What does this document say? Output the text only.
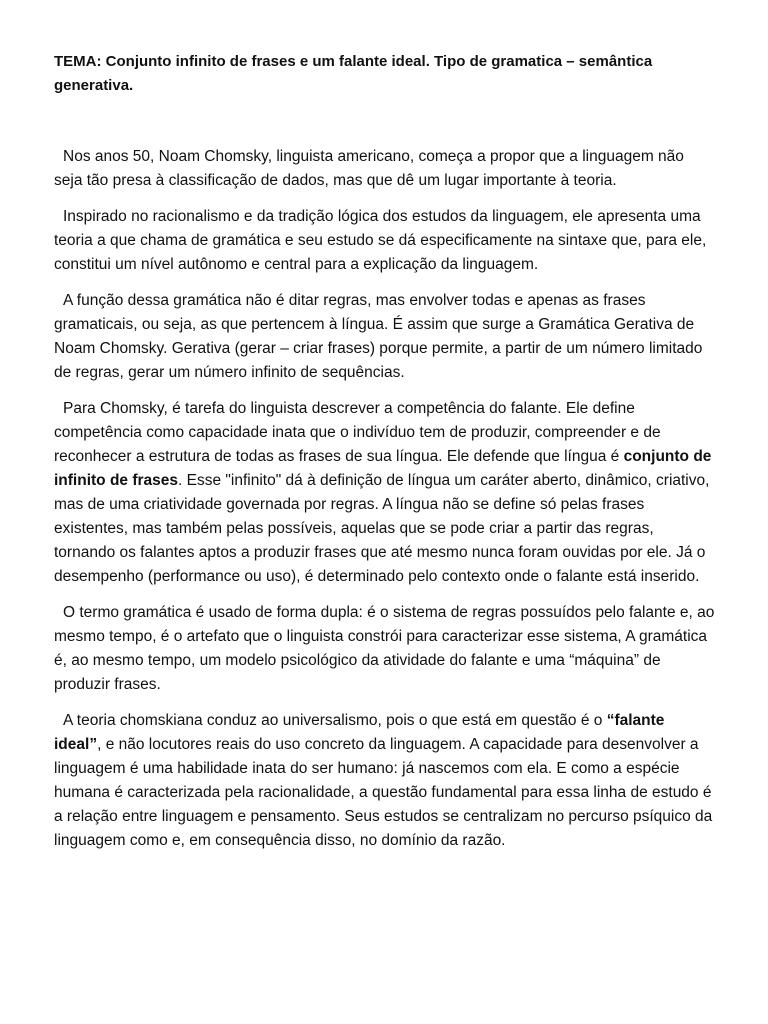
TEMA: Conjunto infinito de frases e um falante ideal. Tipo de gramatica – semântica generativa.

Nos anos 50, Noam Chomsky, linguista americano, começa a propor que a linguagem não seja tão presa à classificação de dados, mas que dê um lugar importante à teoria.

Inspirado no racionalismo e da tradição lógica dos estudos da linguagem, ele apresenta uma teoria a que chama de gramática e seu estudo se dá especificamente na sintaxe que, para ele, constitui um nível autônomo e central para a explicação da linguagem.

A função dessa gramática não é ditar regras, mas envolver todas e apenas as frases gramaticais, ou seja, as que pertencem à língua. É assim que surge a Gramática Gerativa de Noam Chomsky. Gerativa (gerar – criar frases) porque permite, a partir de um número limitado de regras, gerar um número infinito de sequências.

Para Chomsky, é tarefa do linguista descrever a competência do falante. Ele define competência como capacidade inata que o indivíduo tem de produzir, compreender e de reconhecer a estrutura de todas as frases de sua língua. Ele defende que língua é conjunto de infinito de frases. Esse "infinito" dá à definição de língua um caráter aberto, dinâmico, criativo, mas de uma criatividade governada por regras. A língua não se define só pelas frases existentes, mas também pelas possíveis, aquelas que se pode criar a partir das regras, tornando os falantes aptos a produzir frases que até mesmo nunca foram ouvidas por ele. Já o desempenho (performance ou uso), é determinado pelo contexto onde o falante está inserido.

O termo gramática é usado de forma dupla: é o sistema de regras possuídos pelo falante e, ao mesmo tempo, é o artefato que o linguista constrói para caracterizar esse sistema, A gramática é, ao mesmo tempo, um modelo psicológico da atividade do falante e uma “máquina” de produzir frases.

A teoria chomskiana conduz ao universalismo, pois o que está em questão é o “falante ideal”, e não locutores reais do uso concreto da linguagem. A capacidade para desenvolver a linguagem é uma habilidade inata do ser humano: já nascemos com ela. E como a espécie humana é caracterizada pela racionalidade, a questão fundamental para essa linha de estudo é a relação entre linguagem e pensamento. Seus estudos se centralizam no percurso psíquico da linguagem como e, em consequência disso, no domínio da razão.
